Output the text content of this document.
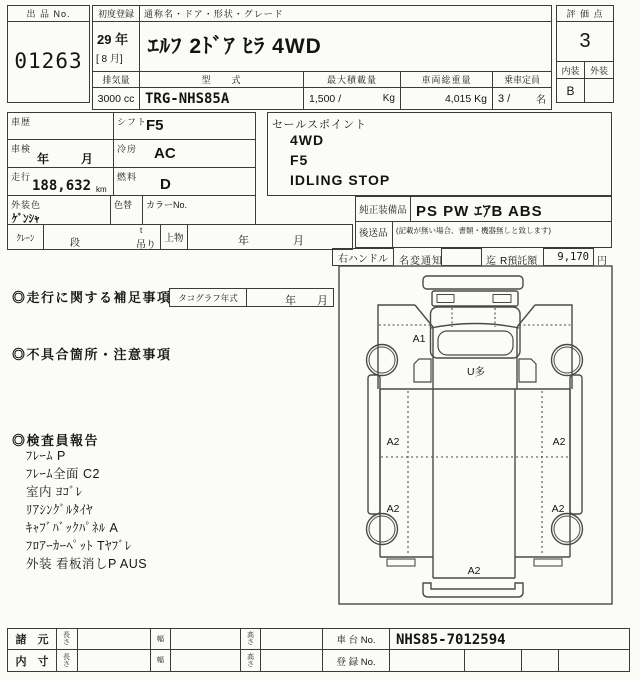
出 品 No.
01263
初度登録
29 年
[ 8 月]
通称名・ドア・形状・グレード
ｴﾙﾌ 2ﾄﾞｱ ﾋﾗ 4WD
排気量
3000 cc
型　　式
TRG-NHS85A
最大積載量
1,500 /	Kg
車両総重量
4,015 Kg
乗車定員
3 /	名
評 価 点
3
内装	外装
B
車歴	シフト
F5
車検
年　月
冷房 AC
走行
188,632 km
燃料 D
外装色
ｹﾞﾝｼｬ
色替 カラーNo.
ｸﾚｰﾝ
段
t
吊り
上物	年	月
セールスポイント
4WD
F5
IDLING STOP
純正装備品 PS PW ｴｱB ABS
後送品 (記載が無い場合、書類・機器無しと致します)
右ハンドル	名変通知	迄 R預託額	9,170 円
◎走行に関する補足事項 タコグラフ年式	年 月
◎不具合箇所・注意事項
◎検査員報告
ﾌﾚｰﾑ P
ﾌﾚｰﾑ全面 C2
室内 ﾖｺﾞﾚ
ﾘｱｼﾝｸﾞﾙﾀｲﾔ
ｷｬﾌﾞﾊﾞｯｸﾊﾟﾈﾙ A
ﾌﾛｱｰｶｰﾍﾟｯﾄ Tﾔﾌﾞﾚ
外装 看板消しP AUS
A1
U多
A2	A2
A2	A2
A2
諸　元	長さ	幅	高さ	車 台 No.	NHS85-7012594
内　寸	長さ	幅	高さ	登 録 No.
